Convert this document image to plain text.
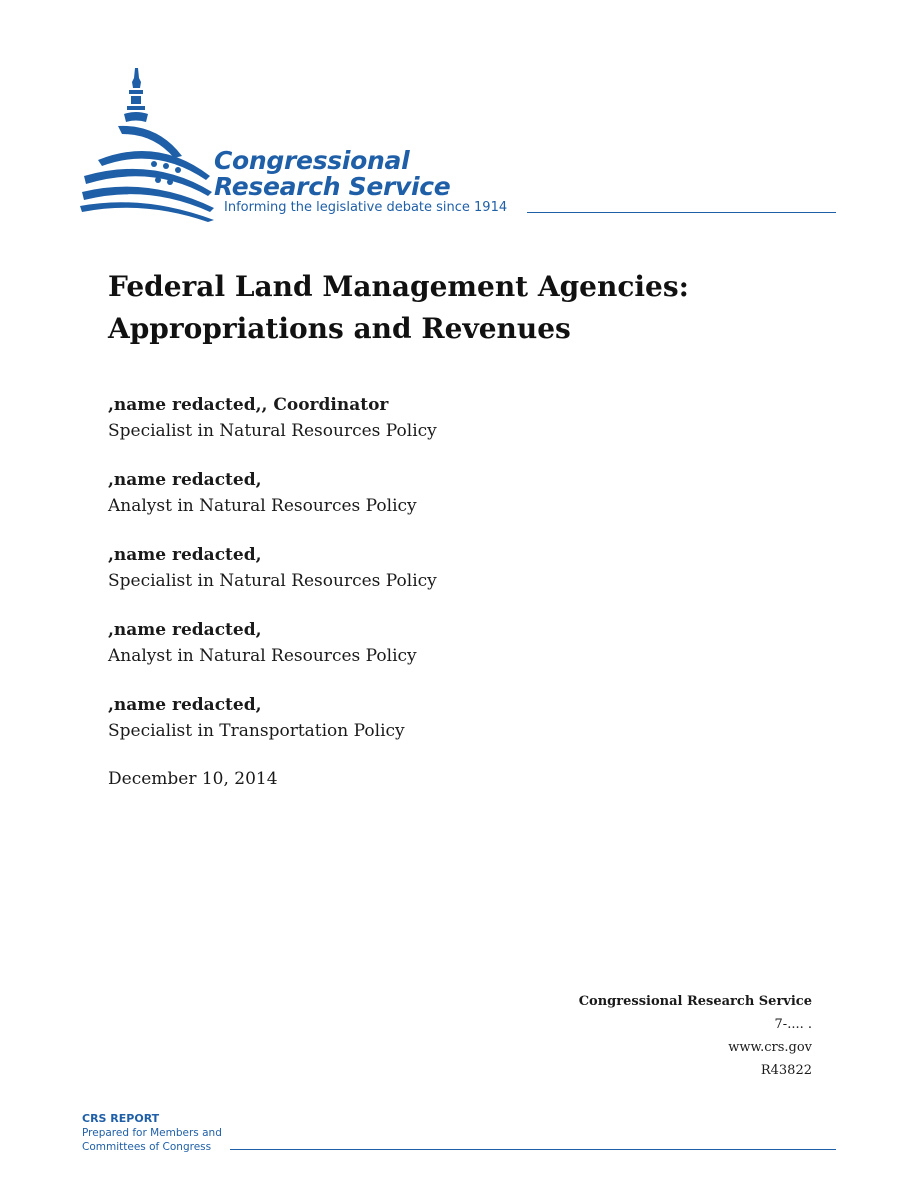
Congressional
Research Service
Informing the legislative debate since 1914
Federal Land Management Agencies:
Appropriations and Revenues
,name redacted,, Coordinator
Specialist in Natural Resources Policy
,name redacted,
Analyst in Natural Resources Policy
,name redacted,
Specialist in Natural Resources Policy
,name redacted,
Analyst in Natural Resources Policy
,name redacted,
Specialist in Transportation Policy
December 10, 2014
Congressional Research Service
7-.... .
www.crs.gov
R43822
CRS REPORT
Prepared for Members and
Committees of Congress
